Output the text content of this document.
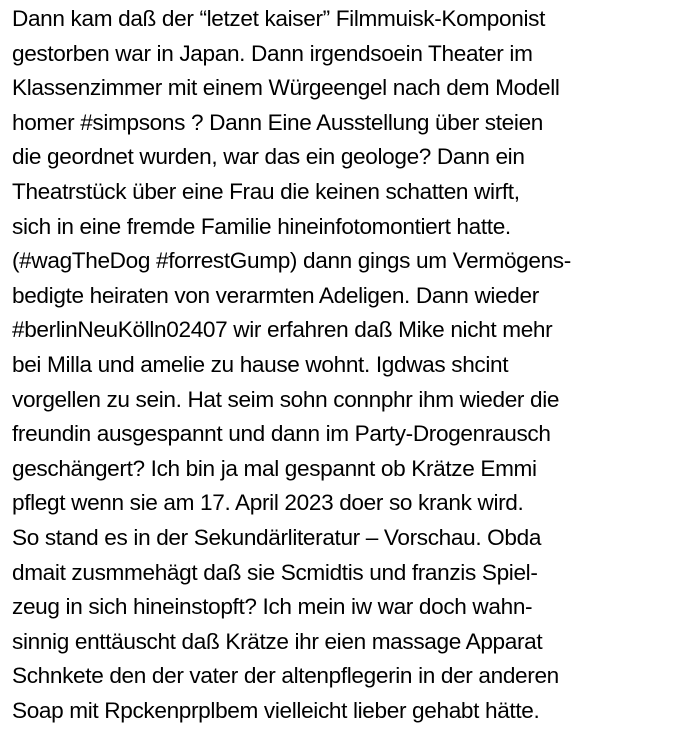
Dann kam daß der “letzet kaiser” Filmmuisk-Komponist
gestorben war in Japan. Dann irgendsoein Theater im
Klassenzimmer mit einem Würgeengel nach dem Modell
homer #simpsons ? Dann Eine Ausstellung über steien
die geordnet wurden, war das ein geologe? Dann ein
Theatrstück über eine Frau die keinen schatten wirft,
sich in eine fremde Familie hineinfotomontiert hatte.
(#wagTheDog #forrestGump) dann gings um Vermögens-
bedigte heiraten von verarmten Adeligen. Dann wieder
#berlinNeuKölln02407 wir erfahren daß Mike nicht mehr
bei Milla und amelie zu hause wohnt. Igdwas shcint
vorgellen zu sein. Hat seim sohn connphr ihm wieder die
freundin ausgespannt und dann im Party-Drogenrausch
geschängert? Ich bin ja mal gespannt ob Krätze Emmi
pflegt wenn sie am 17. April 2023 doer so krank wird.
So stand es in der Sekundärliteratur – Vorschau. Obda
dmait zusmmehägt daß sie Scmidtis und franzis Spiel-
zeug in sich hineinstopft? Ich mein iw war doch wahn-
sinnig enttäuscht daß Krätze ihr eien massage Apparat
Schnkete den der vater der altenpflegerin in der anderen
Soap mit Rpckenprplbem vielleicht lieber gehabt hätte.
